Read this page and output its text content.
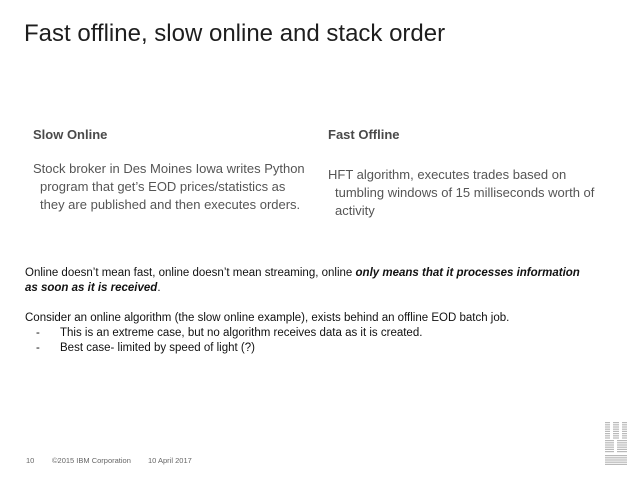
Fast offline, slow online and stack order

Slow Online

Stock broker in Des Moines Iowa writes Python program that get’s EOD prices/statistics as they are published and then executes orders.

Fast Offline

HFT algorithm, executes trades based on tumbling windows of 15 milliseconds worth of activity

Online doesn’t mean fast, online doesn’t mean streaming, online only means that it processes information as soon as it is received.

Consider an online algorithm (the slow online example), exists behind an offline EOD batch job.

- This is an extreme case, but no algorithm receives data as it is created.
- Best case- limited by speed of light (?)
10 ©2015 IBM Corporation 10 April 2017
